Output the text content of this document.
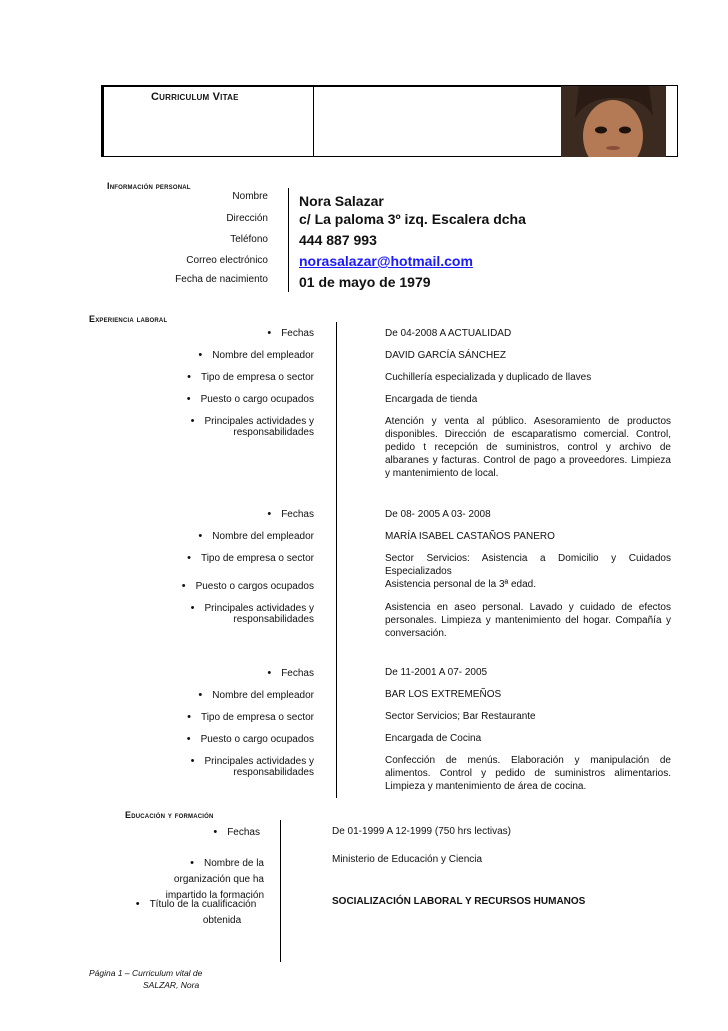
Curriculum Vitae
Información personal
Nombre Nora Salazar
Dirección c/ La paloma 3º izq. Escalera dcha
Teléfono 444 887 993
Correo electrónico norasalazar@hotmail.com
Fecha de nacimiento 01 de mayo de 1979
Experiencia laboral
• Fechas	De 04-2008 A ACTUALIDAD
• Nombre del empleador	DAVID GARCÍA SÁNCHEZ
• Tipo de empresa o sector	Cuchillería especializada y duplicado de llaves
• Puesto o cargo ocupados	Encargada de tienda
• Principales actividades y
responsabilidades
Atención y venta al público. Asesoramiento de productos disponibles. Dirección de escaparatismo comercial. Control, pedido t recepción de suministros, control y archivo de albaranes y facturas. Control de pago a proveedores. Limpieza y mantenimiento de local.
• Fechas	De 08- 2005 A 03- 2008
• Nombre del empleador	MARÍA ISABEL CASTAÑOS PANERO
• Tipo de empresa o sector	Sector Servicios: Asistencia a Domicilio y Cuidados Especializados
• Puesto o cargos ocupados	Asistencia personal de la 3ª edad.
• Principales actividades y
responsabilidades
Asistencia en aseo personal. Lavado y cuidado de efectos personales. Limpieza y mantenimiento del hogar. Compañía y conversación.
• Fechas	De 11-2001 A 07- 2005
• Nombre del empleador	BAR LOS EXTREMEÑOS
• Tipo de empresa o sector	Sector Servicios; Bar Restaurante
• Puesto o cargo ocupados	Encargada de Cocina
• Principales actividades y
responsabilidades
Confección de menús. Elaboración y manipulación de alimentos. Control y pedido de suministros alimentarios. Limpieza y mantenimiento de área de cocina.
Educación y formación
• Fechas	De 01-1999 A 12-1999 (750 hrs lectivas)
• Nombre de la
organización que ha
impartido la formación
Ministerio de Educación y Ciencia
• Título de la cualificación
obtenida
SOCIALIZACIÓN LABORAL Y RECURSOS HUMANOS
Página 1 – Curriculum vital de
SALZAR, Nora
